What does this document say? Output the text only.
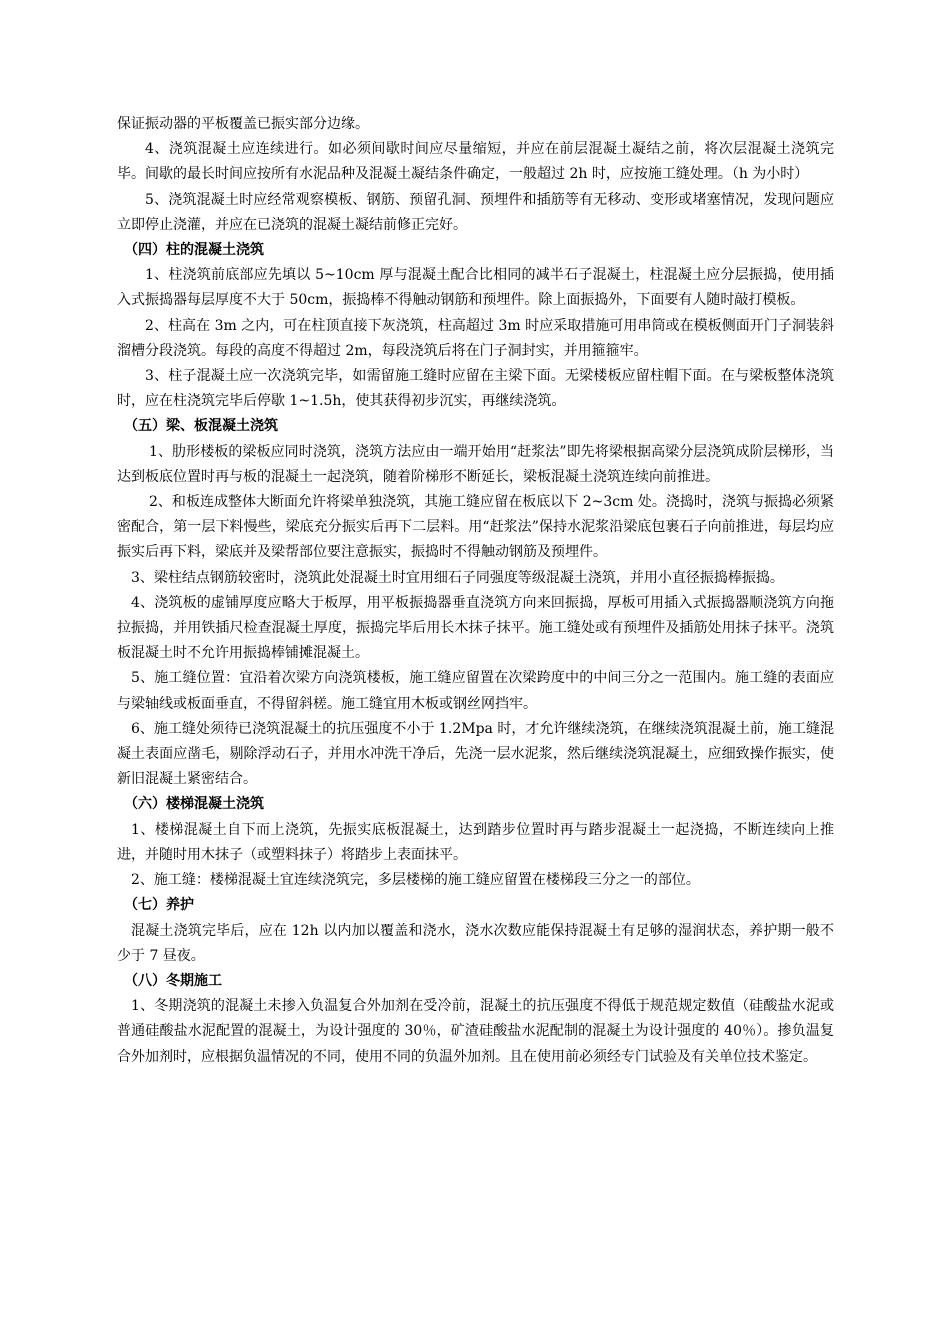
保证振动器的平板覆盖已振实部分边缘。

4、浇筑混凝土应连续进行。如必须间歇时间应尽量缩短，并应在前层混凝土凝结之前，将次层混凝土浇筑完毕。间歇的最长时间应按所有水泥品种及混凝土凝结条件确定，一般超过 2h 时，应按施工缝处理。（h 为小时）

5、浇筑混凝土时应经常观察模板、钢筋、预留孔洞、预埋件和插筋等有无移动、变形或堵塞情况，发现问题应立即停止浇灌，并应在已浇筑的混凝土凝结前修正完好。

（四）柱的混凝土浇筑

1、柱浇筑前底部应先填以 5~10cm 厚与混凝土配合比相同的减半石子混凝土，柱混凝土应分层振捣，使用插入式振捣器每层厚度不大于 50cm，振捣棒不得触动钢筋和预埋件。除上面振捣外，下面要有人随时敲打模板。

2、柱高在 3m 之内，可在柱顶直接下灰浇筑，柱高超过 3m 时应采取措施可用串筒或在模板侧面开门子洞装斜溜槽分段浇筑。每段的高度不得超过 2m，每段浇筑后将在门子洞封实，并用箍箍牢。

3、柱子混凝土应一次浇筑完毕，如需留施工缝时应留在主梁下面。无梁楼板应留柱帽下面。在与梁板整体浇筑时，应在柱浇筑完毕后停歇 1~1.5h，使其获得初步沉实，再继续浇筑。

（五）梁、板混凝土浇筑

1、肋形楼板的梁板应同时浇筑，浇筑方法应由一端开始用“赶浆法”即先将梁根据高梁分层浇筑成阶层梯形，当达到板底位置时再与板的混凝土一起浇筑，随着阶梯形不断延长，梁板混凝土浇筑连续向前推进。

2、和板连成整体大断面允许将梁单独浇筑，其施工缝应留在板底以下 2~3cm 处。浇捣时，浇筑与振捣必须紧密配合，第一层下料慢些，梁底充分振实后再下二层料。用“赶浆法”保持水泥浆沿梁底包裹石子向前推进，每层均应振实后再下料，梁底并及梁帮部位要注意振实，振捣时不得触动钢筋及预埋件。

3、梁柱结点钢筋较密时，浇筑此处混凝土时宜用细石子同强度等级混凝土浇筑，并用小直径振捣棒振捣。

4、浇筑板的虚铺厚度应略大于板厚，用平板振捣器垂直浇筑方向来回振捣，厚板可用插入式振捣器顺浇筑方向拖拉振捣，并用铁插尺检查混凝土厚度，振捣完毕后用长木抹子抹平。施工缝处或有预埋件及插筋处用抹子抹平。浇筑板混凝土时不允许用振捣棒铺摊混凝土。

5、施工缝位置：宜沿着次梁方向浇筑楼板，施工缝应留置在次梁跨度中的中间三分之一范围内。施工缝的表面应与梁轴线或板面垂直，不得留斜槎。施工缝宜用木板或钢丝网挡牢。

6、施工缝处须待已浇筑混凝土的抗压强度不小于 1.2Mpa 时，才允许继续浇筑，在继续浇筑混凝土前，施工缝混凝土表面应凿毛，剔除浮动石子，并用水冲洗干净后，先浇一层水泥浆，然后继续浇筑混凝土，应细致操作振实，使新旧混凝土紧密结合。

（六）楼梯混凝土浇筑

1、楼梯混凝土自下而上浇筑，先振实底板混凝土，达到踏步位置时再与踏步混凝土一起浇捣，不断连续向上推进，并随时用木抹子（或塑料抹子）将踏步上表面抹平。

2、施工缝：楼梯混凝土宜连续浇筑完，多层楼梯的施工缝应留置在楼梯段三分之一的部位。

（七）养护

混凝土浇筑完毕后，应在 12h 以内加以覆盖和浇水，浇水次数应能保持混凝土有足够的湿润状态，养护期一般不少于 7 昼夜。

（八）冬期施工

1、冬期浇筑的混凝土未掺入负温复合外加剂在受冷前，混凝土的抗压强度不得低于规范规定数值（硅酸盐水泥或普通硅酸盐水泥配置的混凝土，为设计强度的 30％，矿渣硅酸盐水泥配制的混凝土为设计强度的 40％）。掺负温复合外加剂时，应根据负温情况的不同，使用不同的负温外加剂。且在使用前必须经专门试验及有关单位技术鉴定。
